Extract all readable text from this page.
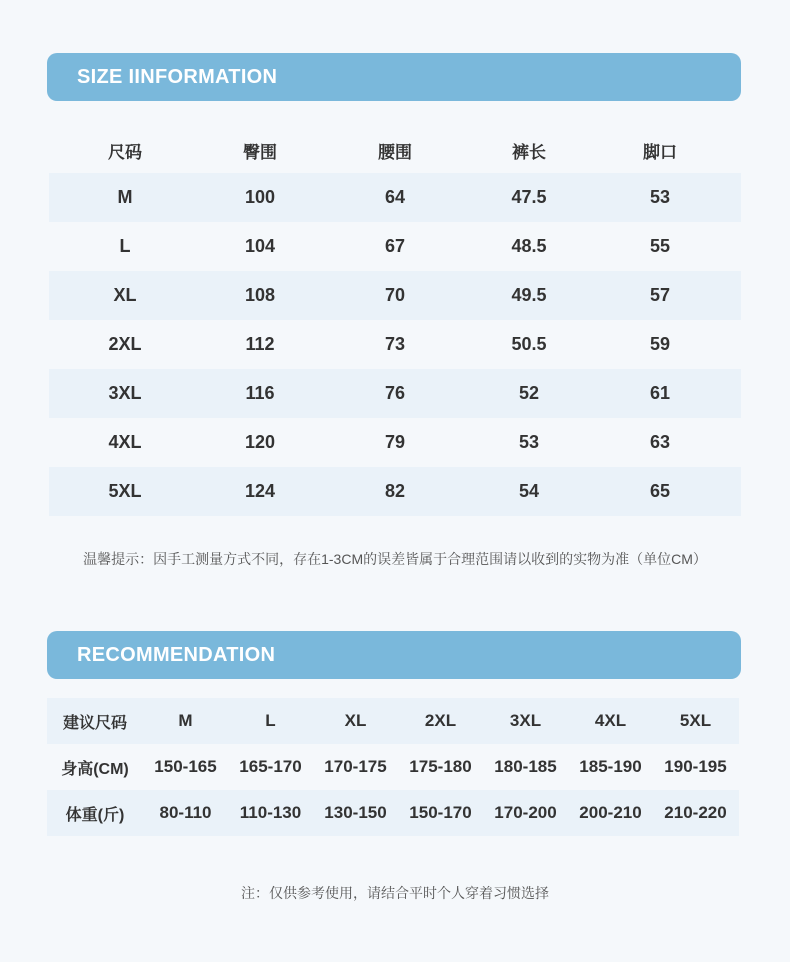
SIZE IINFORMATION
尺码	臀围	腰围	裤长	脚口
M	100	64	47.5	53
L	104	67	48.5	55
XL	108	70	49.5	57
2XL	112	73	50.5	59
3XL	116	76	52	61
4XL	120	79	53	63
5XL	124	82	54	65
温馨提示：因手工测量方式不同，存在1-3CM的误差皆属于合理范围请以收到的实物为准（单位CM）
RECOMMENDATION
建议尺码	M	L	XL	2XL	3XL	4XL	5XL
身高(CM)	150-165	165-170	170-175	175-180	180-185	185-190	190-195
体重(斤)	80-110	110-130	130-150	150-170	170-200	200-210	210-220
注：仅供参考使用，请结合平时个人穿着习惯选择
